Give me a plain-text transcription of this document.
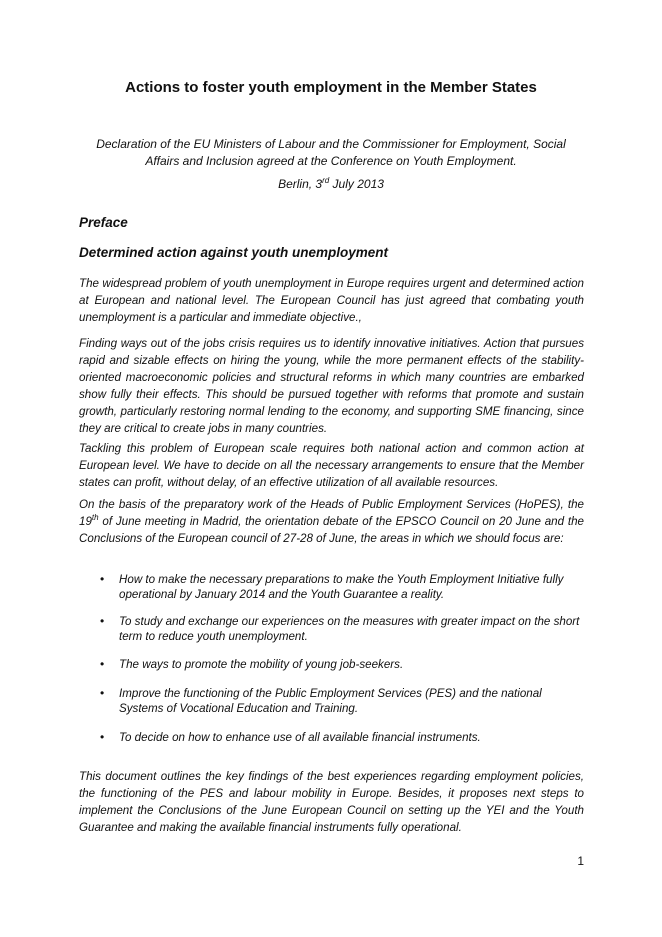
Actions to foster youth employment in the Member States
Declaration of the EU Ministers of Labour and the Commissioner for Employment, Social Affairs and Inclusion agreed at the Conference on Youth Employment.
Berlin, 3rd July 2013
Preface
Determined action against youth unemployment
The widespread problem of youth unemployment in Europe requires urgent and determined action at European and national level. The European Council has just agreed that combating youth unemployment is a particular and immediate objective.,
Finding ways out of the jobs crisis requires us to identify innovative initiatives. Action that pursues rapid and sizable effects on hiring the young, while the more permanent effects of the stability-oriented macroeconomic policies and structural reforms in which many countries are embarked show fully their effects. This should be pursued together with reforms that promote and sustain growth, particularly restoring normal lending to the economy, and supporting SME financing, since they are critical to create jobs in many countries.
Tackling this problem of European scale requires both national action and common action at European level. We have to decide on all the necessary arrangements to ensure that the Member states can profit, without delay, of an effective utilization of all available resources.
On the basis of the preparatory work of the Heads of Public Employment Services (HoPES), the 19th of June meeting in Madrid, the orientation debate of the EPSCO Council on 20 June and the Conclusions of the European council of 27-28 of June, the areas in which we should focus are:
• How to make the necessary preparations to make the Youth Employment Initiative fully operational by January 2014 and the Youth Guarantee a reality.
• To study and exchange our experiences on the measures with greater impact on the short term to reduce youth unemployment.
• The ways to promote the mobility of young job-seekers.
• Improve the functioning of the Public Employment Services (PES) and the national Systems of Vocational Education and Training.
• To decide on how to enhance use of all available financial instruments.
This document outlines the key findings of the best experiences regarding employment policies, the functioning of the PES and labour mobility in Europe. Besides, it proposes next steps to implement the Conclusions of the June European Council on setting up the YEI and the Youth Guarantee and making the available financial instruments fully operational.
1
